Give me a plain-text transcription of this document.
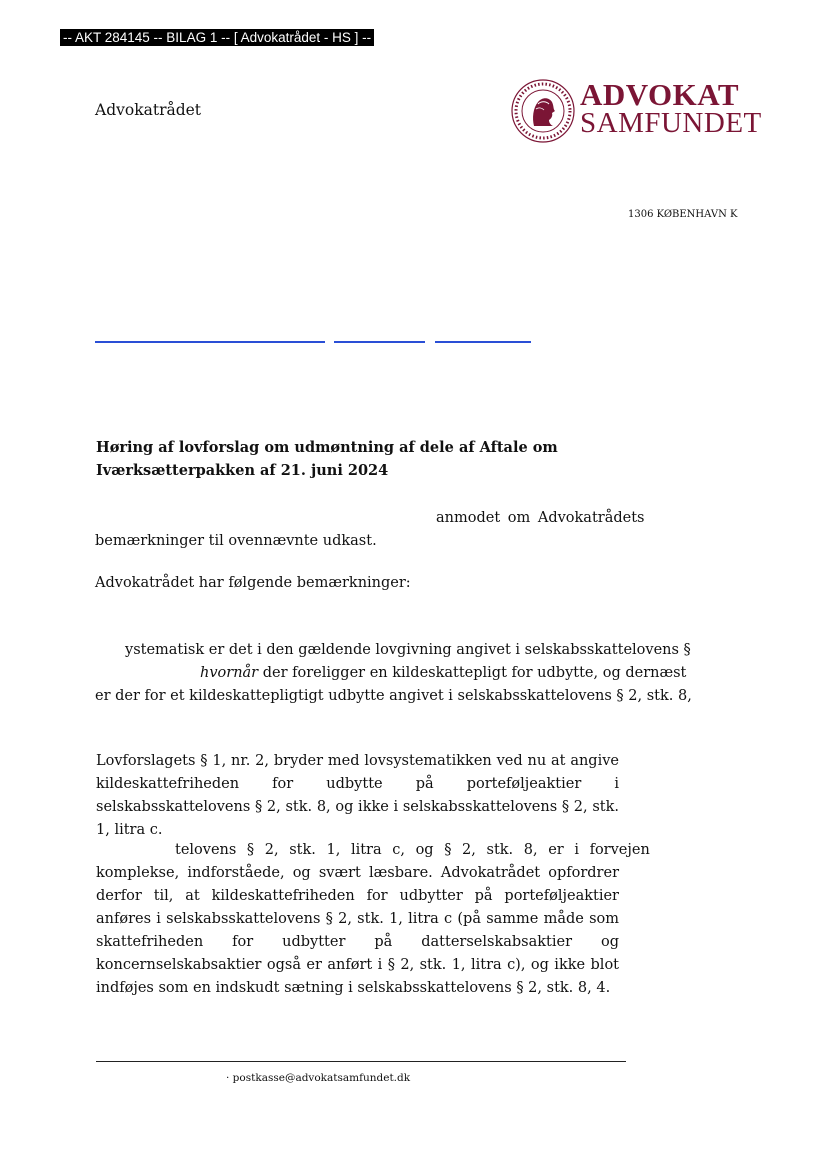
-- AKT 284145 -- BILAG 1 -- [ Advokatrådet - HS ] --
Advokatrådet	ADVOKAT
SAMFUNDET
1306 KØBENHAVN K
Høring af lovforslag om udmøntning af dele af Aftale om
Iværksætterpakken af 21. juni 2024
anmodet om Advokatrådets
bemærkninger til ovennævnte udkast.
Advokatrådet har følgende bemærkninger:
ystematisk er det i den gældende lovgivning angivet i selskabsskattelovens §
hvornår der foreligger en kildeskattepligt for udbytte, og dernæst
er der for et kildeskattepligtigt udbytte angivet i selskabsskattelovens § 2, stk. 8,
Lovforslagets § 1, nr. 2, bryder med lovsystematikken ved nu at angive kildeskattefriheden for udbytte på porteføljeaktier i selskabsskattelovens § 2, stk. 8, og ikke i selskabsskattelovens § 2, stk. 1, litra c.
telovens § 2, stk. 1, litra c, og § 2, stk. 8, er i forvejen
komplekse, indforståede, og svært læsbare. Advokatrådet opfordrer derfor til, at kildeskattefriheden for udbytter på porteføljeaktier anføres i selskabsskattelovens § 2, stk. 1, litra c (på samme måde som skattefriheden for udbytter på datterselskabsaktier og koncernselskabsaktier også er anført i § 2, stk. 1, litra c), og ikke blot indføjes som en indskudt sætning i selskabsskattelovens § 2, stk. 8, 4.
· postkasse@advokatsamfundet.dk
